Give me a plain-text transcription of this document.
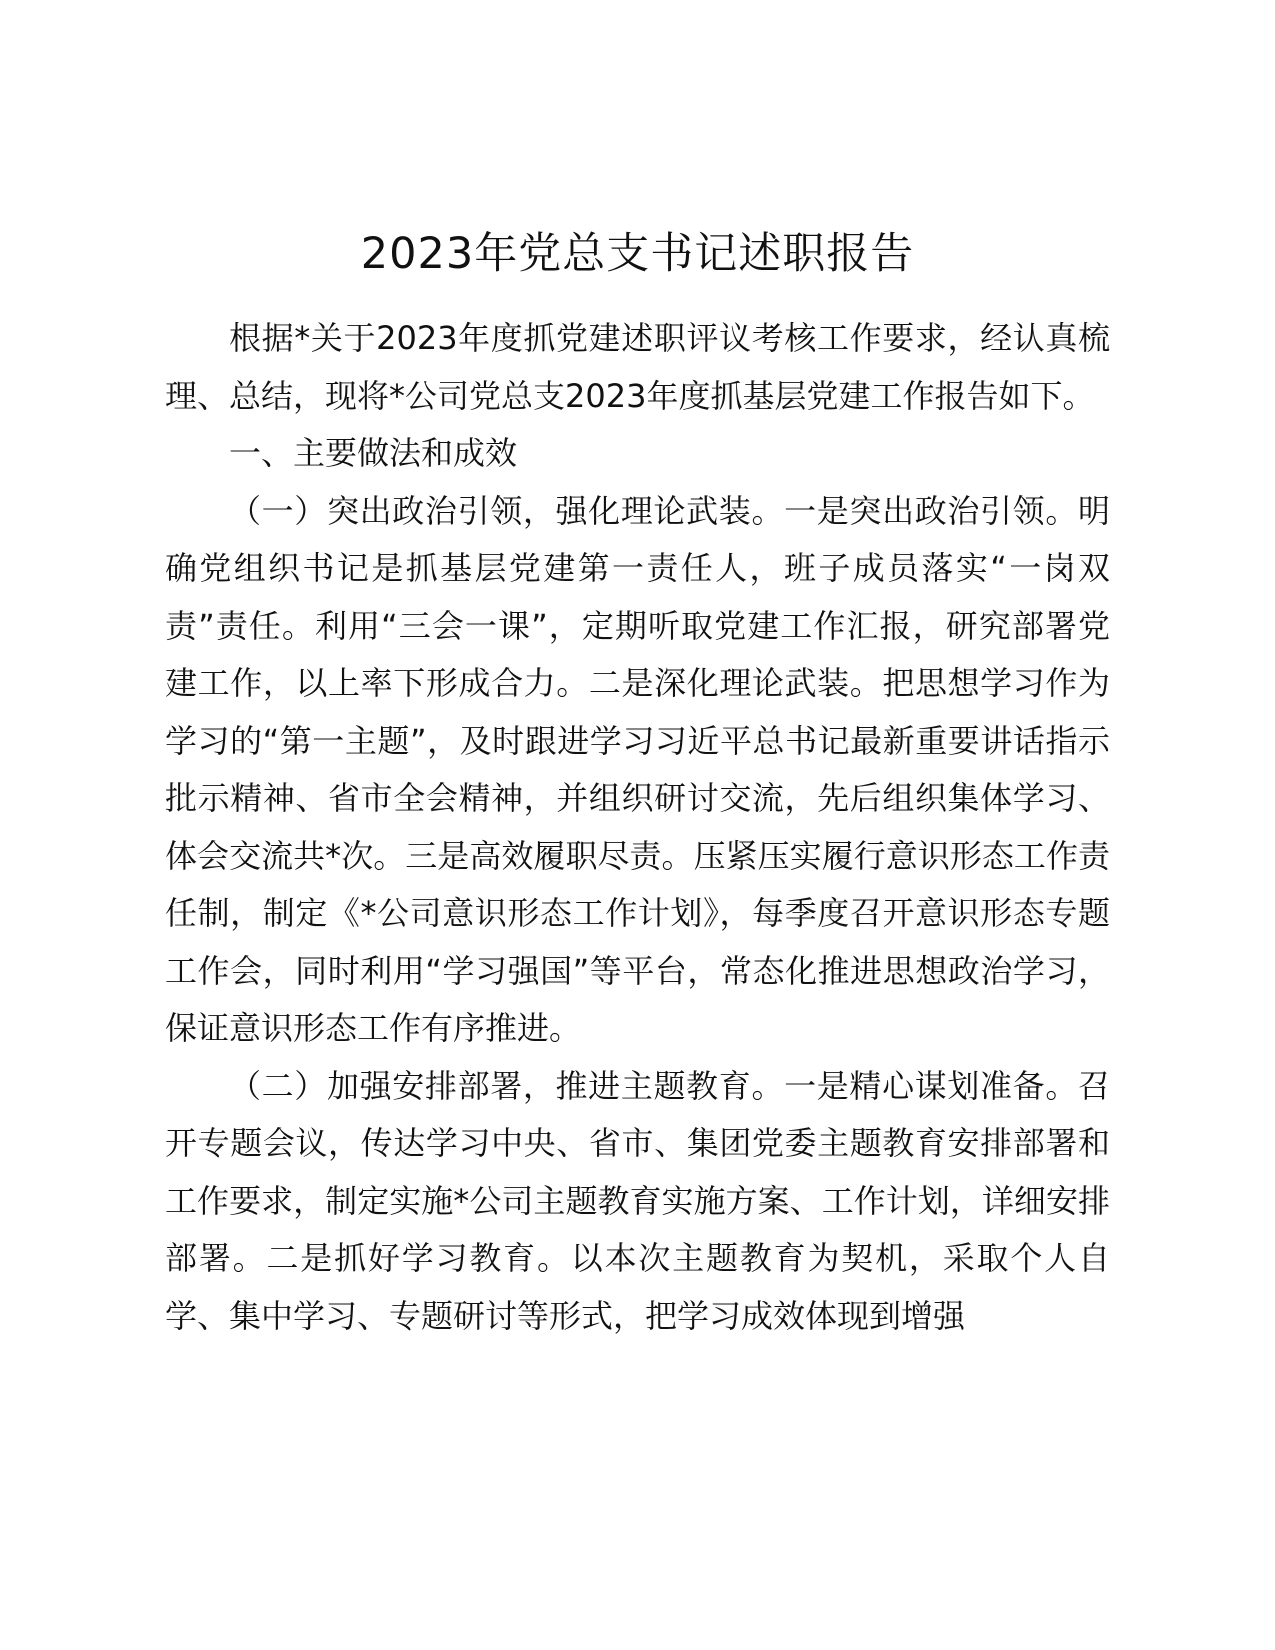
2023年党总支书记述职报告

根据*关于2023年度抓党建述职评议考核工作要求，经认真梳理、总结，现将*公司党总支2023年度抓基层党建工作报告如下。

一、主要做法和成效

（一）突出政治引领，强化理论武装。一是突出政治引领。明确党组织书记是抓基层党建第一责任人，班子成员落实“一岗双责”责任。利用“三会一课”，定期听取党建工作汇报，研究部署党建工作，以上率下形成合力。二是深化理论武装。把思想学习作为学习的“第一主题”，及时跟进学习习近平总书记最新重要讲话指示批示精神、省市全会精神，并组织研讨交流，先后组织集体学习、体会交流共*次。三是高效履职尽责。压紧压实履行意识形态工作责任制，制定《*公司意识形态工作计划》，每季度召开意识形态专题工作会，同时利用“学习强国”等平台，常态化推进思想政治学习，保证意识形态工作有序推进。

（二）加强安排部署，推进主题教育。一是精心谋划准备。召开专题会议，传达学习中央、省市、集团党委主题教育安排部署和工作要求，制定实施*公司主题教育实施方案、工作计划，详细安排部署。二是抓好学习教育。以本次主题教育为契机，采取个人自学、集中学习、专题研讨等形式，把学习成效体现到增强
